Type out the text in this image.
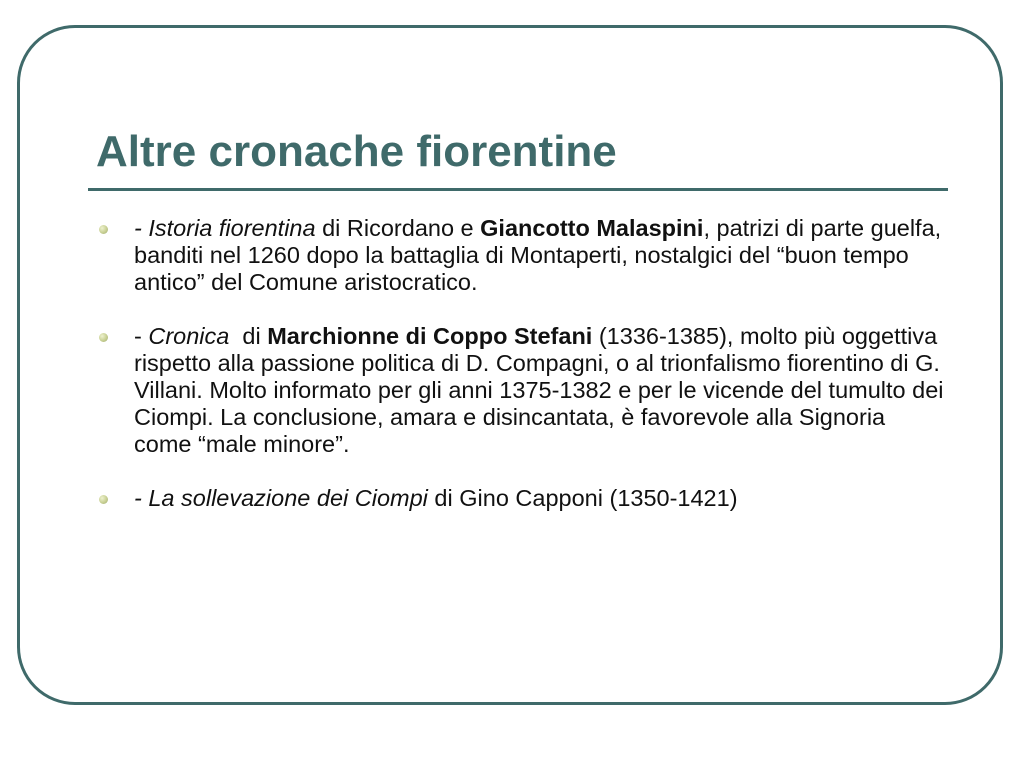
Altre cronache fiorentine
- Istoria fiorentina di Ricordano e Giancotto Malaspini, patrizi di parte guelfa, banditi nel 1260 dopo la battaglia di Montaperti, nostalgici del “buon tempo antico” del Comune aristocratico.
- Cronica  di Marchionne di Coppo Stefani (1336-1385), molto più oggettiva rispetto alla passione politica di D. Compagni, o al trionfalismo fiorentino di G. Villani. Molto informato per gli anni 1375-1382 e per le vicende del tumulto dei Ciompi. La conclusione, amara e disincantata, è favorevole alla Signoria come “male minore”.
- La sollevazione dei Ciompi di Gino Capponi (1350-1421)
